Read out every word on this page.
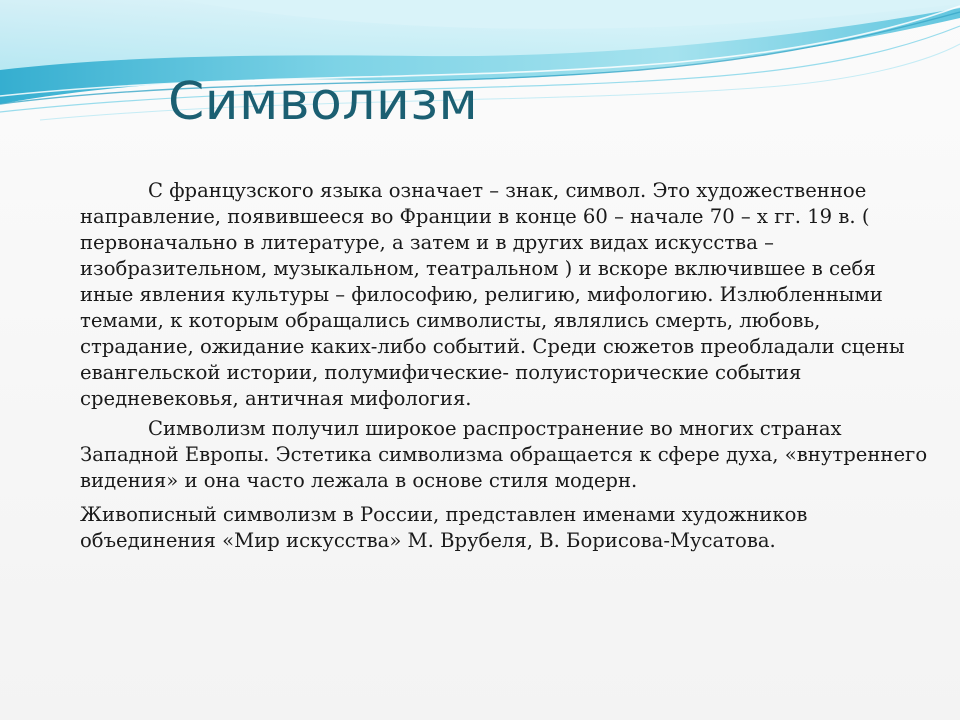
Символизм

С французского языка означает – знак, символ. Это художественное направление, появившееся во Франции в конце 60 – начале 70 – х гг. 19 в. ( первоначально в литературе, а затем и в других видах искусства – изобразительном, музыкальном, театральном ) и вскоре включившее в себя иные явления культуры – философию, религию, мифологию. Излюбленными темами, к которым обращались символисты, являлись смерть, любовь, страдание, ожидание каких-либо событий. Среди сюжетов преобладали сцены евангельской истории, полумифические- полуисторические события средневековья, античная мифология.

Символизм получил широкое распространение во многих странах Западной Европы. Эстетика символизма обращается к сфере духа, «внутреннего видения» и она часто лежала в основе стиля модерн.

Живописный символизм в России, представлен именами художников объединения «Мир искусства» М. Врубеля, В. Борисова-Мусатова.
